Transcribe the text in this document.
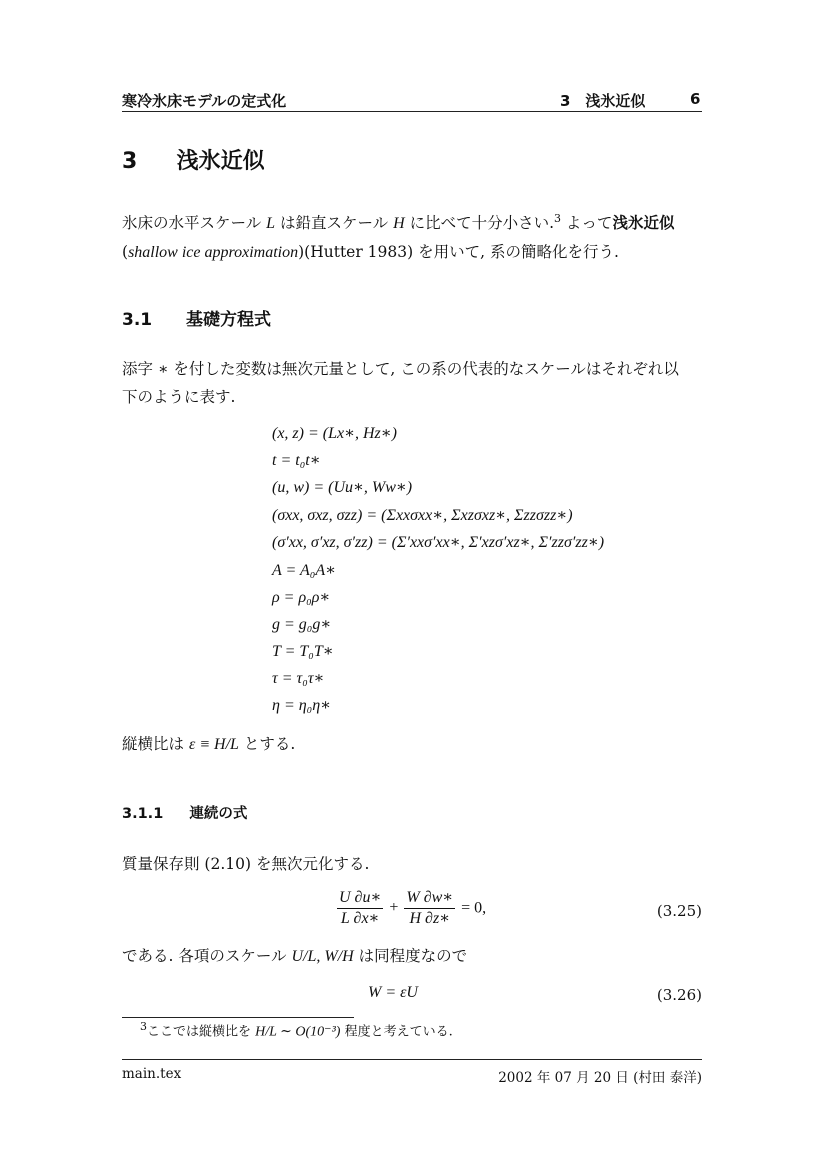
寒冷氷床モデルの定式化	3　浅氷近似	6
3 浅氷近似
氷床の水平スケール L は鉛直スケール H に比べて十分小さい.$^3$ よって浅氷近似
(shallow ice approximation)(Hutter 1983) を用いて, 系の簡略化を行う.
3.1 基礎方程式
添字 ∗ を付した変数は無次元量として, この系の代表的なスケールはそれぞれ以
下のように表す.
(x, z) = (Lx∗, Hz∗)
t = t₀t∗
(u, w) = (Uu∗, Ww∗)
(σxx, σxz, σzz) = (Σxxσxx∗, Σxzσxz∗, Σzzσzz∗)
(σ′xx, σ′xz, σ′zz) = (Σ′xxσ′xx∗, Σ′xzσ′xz∗, Σ′zzσ′zz∗)
A = A₀A∗
ρ = ρ₀ρ∗
g = g₀g∗
T = T₀T∗
τ = τ₀τ∗
η = η₀η∗
縦横比は ε ≡ H/L とする.
3.1.1 連続の式
質量保存則 (2.10) を無次元化する.
$\frac{U \partial u∗}{L \partial x∗} + \frac{W \partial w∗}{H \partial z∗} = 0$,	(3.25)
である. 各項のスケール U/L, W/H は同程度なので
W = εU	(3.26)
$^3$ここでは縦横比を H/L ∼ O(10⁻³) 程度と考えている.
main.tex	2002 年 07 月 20 日 (村田 泰洋)
